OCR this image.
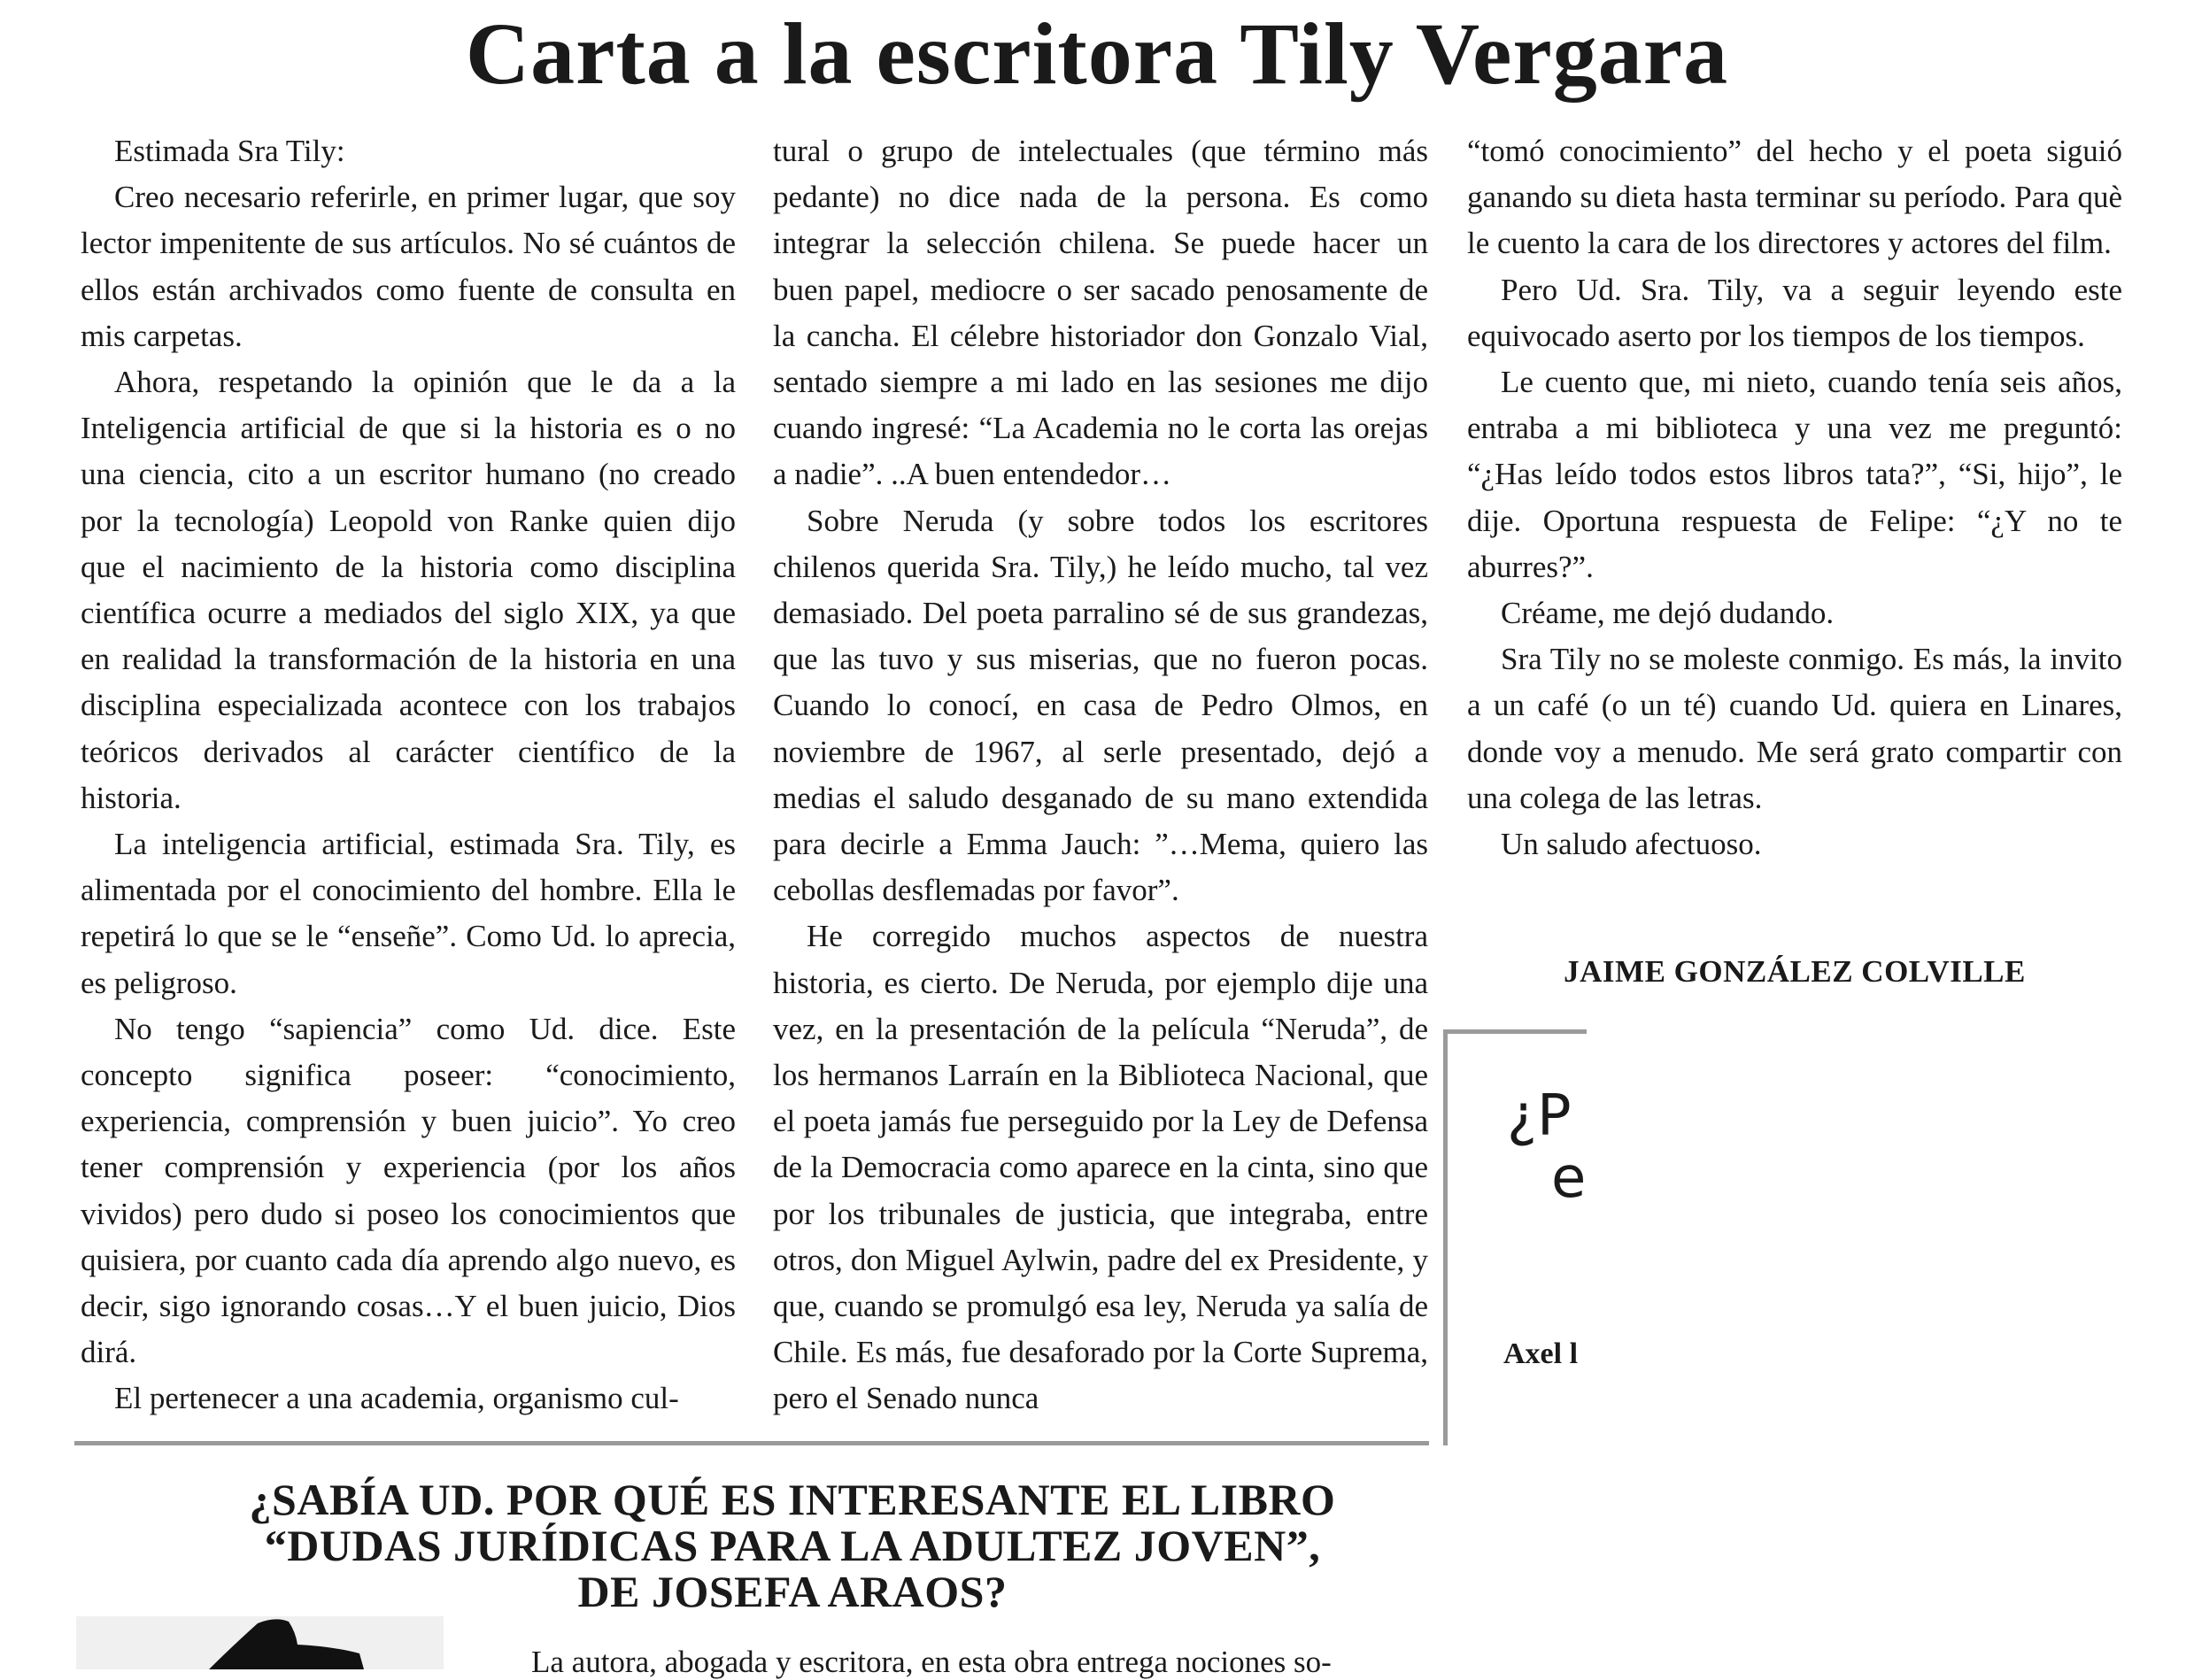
Carta a la escritora Tily Vergara

Estimada Sra Tily:

Creo necesario referirle, en primer lugar, que soy lector impenitente de sus artículos. No sé cuántos de ellos están archivados como fuente de consulta en mis carpetas.

Ahora, respetando la opinión que le da a la Inteligencia artificial de que si la historia es o no una ciencia, cito a un escritor humano (no creado por la tecnología) Leopold von Ranke quien dijo que el nacimiento de la historia como disciplina científica ocurre a mediados del siglo XIX, ya que en realidad la transformación de la historia en una disciplina especializada acontece con los trabajos teóricos derivados al carácter científico de la historia.

La inteligencia artificial, estimada Sra. Tily, es alimentada por el conocimiento del hombre. Ella le repetirá lo que se le “enseñe”. Como Ud. lo aprecia, es peligroso.

No tengo “sapiencia” como Ud. dice. Este concepto significa poseer: “conocimiento, experiencia, comprensión y buen juicio”. Yo creo tener comprensión y experiencia (por los años vividos) pero dudo si poseo los conocimientos que quisiera, por cuanto cada día aprendo algo nuevo, es decir, sigo ignorando cosas…Y el buen juicio, Dios dirá.

El pertenecer a una academia, organismo cul-

tural o grupo de intelectuales (que término más pedante) no dice nada de la persona. Es como integrar la selección chilena. Se puede hacer un buen papel, mediocre o ser sacado penosamente de la cancha. El célebre historiador don Gonzalo Vial, sentado siempre a mi lado en las sesiones me dijo cuando ingresé: “La Academia no le corta las orejas a nadie”. ..A buen entendedor…

Sobre Neruda (y sobre todos los escritores chilenos querida Sra. Tily,) he leído mucho, tal vez demasiado. Del poeta parralino sé de sus grandezas, que las tuvo y sus miserias, que no fueron pocas. Cuando lo conocí, en casa de Pedro Olmos, en noviembre de 1967, al serle presentado, dejó a medias el saludo desganado de su mano extendida para decirle a Emma Jauch: ”…Mema, quiero las cebollas desflemadas por favor”.

He corregido muchos aspectos de nuestra historia, es cierto. De Neruda, por ejemplo dije una vez, en la presentación de la película “Neruda”, de los hermanos Larraín en la Biblioteca Nacional, que el poeta jamás fue perseguido por la Ley de Defensa de la Democracia como aparece en la cinta, sino que por los tribunales de justicia, que integraba, entre otros, don Miguel Aylwin, padre del ex Presidente, y que, cuando se promulgó esa ley, Neruda ya salía de Chile. Es más, fue desaforado por la Corte Suprema, pero el Senado nunca

“tomó conocimiento” del hecho y el poeta siguió ganando su dieta hasta terminar su período. Para què le cuento la cara de los directores y actores del film.

Pero Ud. Sra. Tily, va a seguir leyendo este equivocado aserto por los tiempos de los tiempos.

Le cuento que, mi nieto, cuando tenía seis años, entraba a mi biblioteca y una vez me preguntó: “¿Has leído todos estos libros tata?”, “Si, hijo”, le dije. Oportuna respuesta de Felipe: “¿Y no te aburres?”.

Créame, me dejó dudando.

Sra Tily no se moleste conmigo. Es más, la invito a un café (o un té) cuando Ud. quiera en Linares, donde voy a menudo. Me será grato compartir con una colega de las letras.

Un saludo afectuoso.

JAIME GONZÁLEZ COLVILLE
¿P
e
Axel l
¿SABÍA UD. POR QUÉ ES INTERESANTE EL LIBRO
“DUDAS JURÍDICAS PARA LA ADULTEZ JOVEN”,
DE JOSEFA ARAOS?
La autora, abogada y escritora, en esta obra entrega nociones so-
